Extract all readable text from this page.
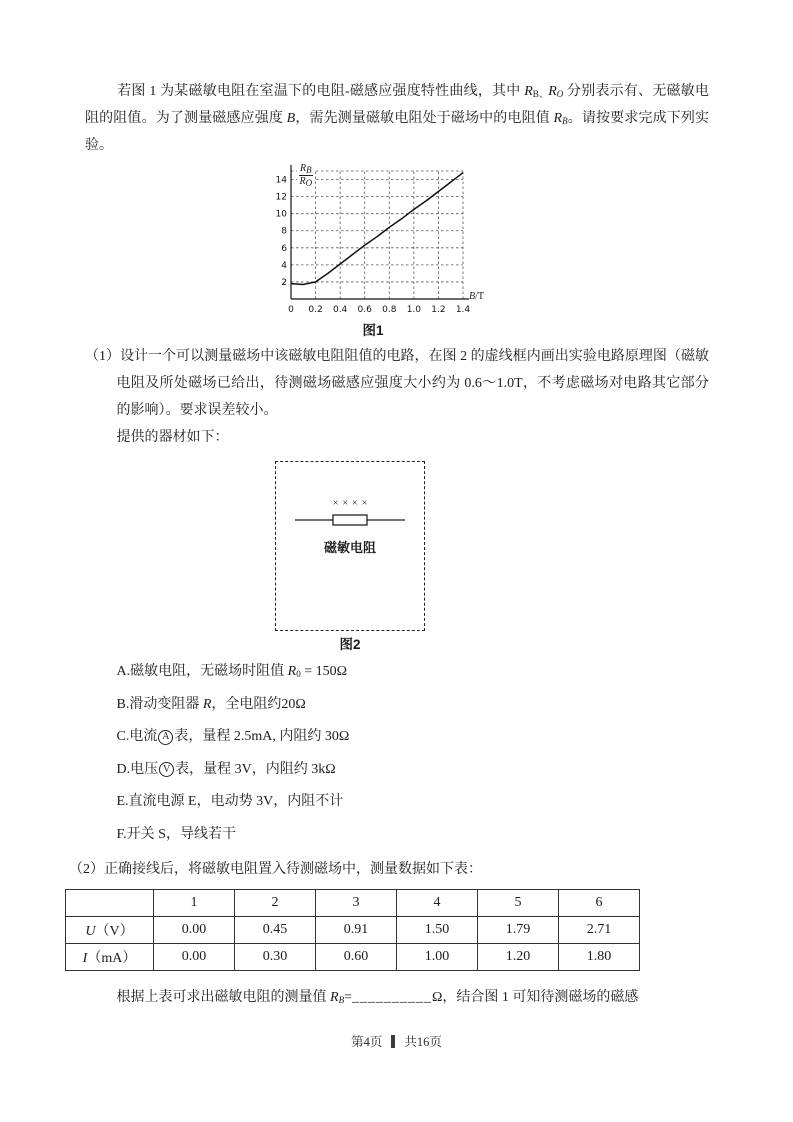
若图 1 为某磁敏电阻在室温下的电阻-磁感应强度特性曲线，其中 $R_{B、}R_O$ 分别表示有、无磁敏电阻的阻值。为了测量磁感应强度 B，需先测量磁敏电阻处于磁场中的电阻值 $R_B$。请按要求完成下列实验。

2
4
6
8
10
12
14
0 0.2 0.4 0.6 0.8 1.0 1.2 1.4
$\frac{R_B}{R_O}$
B/T
图1

（1）设计一个可以测量磁场中该磁敏电阻阻值的电路，在图 2 的虚线框内画出实验电路原理图（磁敏电阻及所处磁场已给出，待测磁场磁感应强度大小约为 0.6～1.0T，不考虑磁场对电路其它部分的影响）。要求误差较小。

提供的器材如下：

××××
磁敏电阻
图2
A.磁敏电阻，无磁场时阻值 $R_0 = 150\Omega$
B.滑动变阻器 R，全电阻约20Ω
C.电流 A 表，量程 2.5mA, 内阻约 30Ω
D.电压 V 表，量程 3V，内阻约 3kΩ
E.直流电源 E，电动势 3V，内阻不计
F.开关 S，导线若干

（2）正确接线后，将磁敏电阻置入待测磁场中，测量数据如下表：

	1	2	3	4	5	6
U（V）	0.00	0.45	0.91	1.50	1.79	2.71
I（mA）	0.00	0.30	0.60	1.00	1.20	1.80

根据上表可求出磁敏电阻的测量值 $R_B=\_\_\_\_\_\_\_\_\_\_\Omega$，结合图 1 可知待测磁场的磁感

第4页 共16页
